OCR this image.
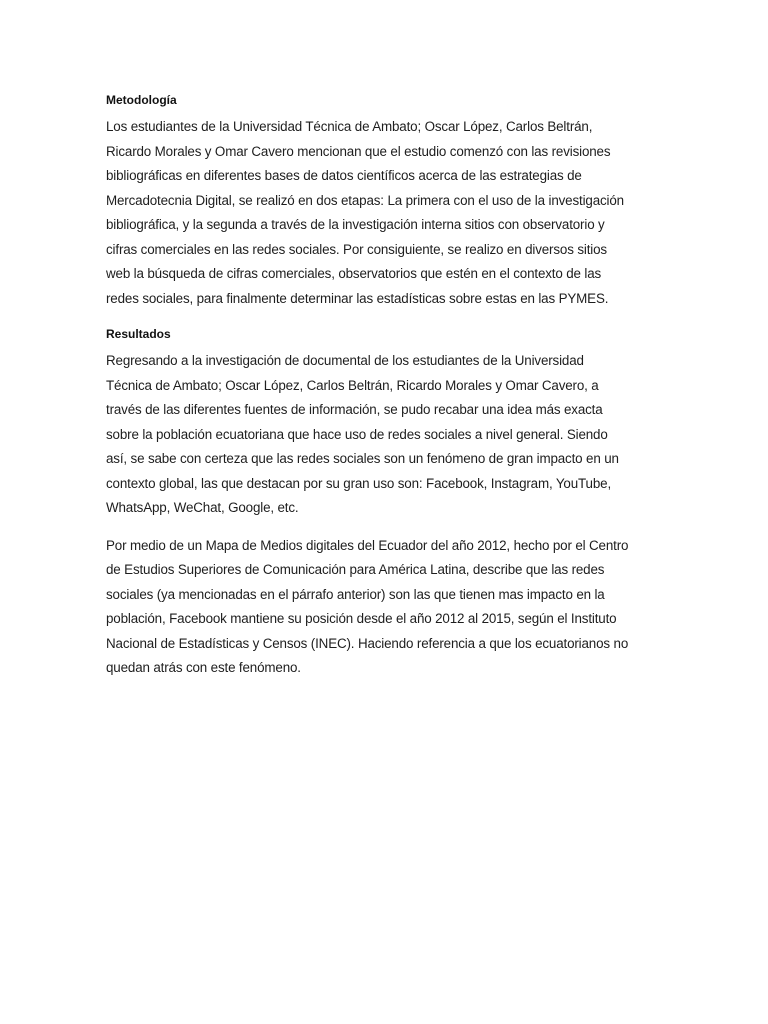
Metodología

Los estudiantes de la Universidad Técnica de Ambato; Oscar López, Carlos Beltrán,
Ricardo Morales y Omar Cavero mencionan que el estudio comenzó con las revisiones
bibliográficas en diferentes bases de datos científicos acerca de las estrategias de
Mercadotecnia Digital, se realizó en dos etapas: La primera con el uso de la investigación
bibliográfica, y la segunda a través de la investigación interna sitios con observatorio y
cifras comerciales en las redes sociales. Por consiguiente, se realizo en diversos sitios
web la búsqueda de cifras comerciales, observatorios que estén en el contexto de las
redes sociales, para finalmente determinar las estadísticas sobre estas en las PYMES.

Resultados

Regresando a la investigación de documental de los estudiantes de la Universidad
Técnica de Ambato; Oscar López, Carlos Beltrán, Ricardo Morales y Omar Cavero, a
través de las diferentes fuentes de información, se pudo recabar una idea más exacta
sobre la población ecuatoriana que hace uso de redes sociales a nivel general. Siendo
así, se sabe con certeza que las redes sociales son un fenómeno de gran impacto en un
contexto global, las que destacan por su gran uso son: Facebook, Instagram, YouTube,
WhatsApp, WeChat, Google, etc.

Por medio de un Mapa de Medios digitales del Ecuador del año 2012, hecho por el Centro
de Estudios Superiores de Comunicación para América Latina, describe que las redes
sociales (ya mencionadas en el párrafo anterior) son las que tienen mas impacto en la
población, Facebook mantiene su posición desde el año 2012 al 2015, según el Instituto
Nacional de Estadísticas y Censos (INEC). Haciendo referencia a que los ecuatorianos no
quedan atrás con este fenómeno.
